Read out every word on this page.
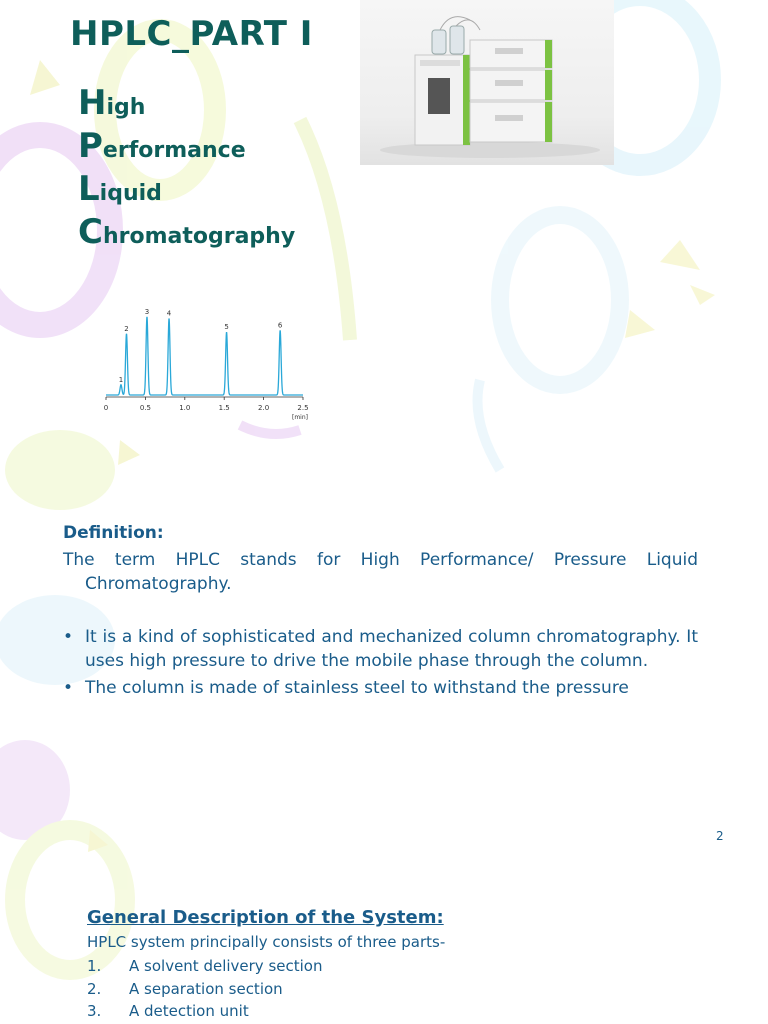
HPLC_PART I
High
Performance
Liquid
Chromatography
0	0.5	1.0	1.5	2.0	2.5
1
2
3	4
5	6
[min]
Definition:

The term HPLC stands for High Performance/ Pressure Liquid Chromatography.

• It is a kind of sophisticated and mechanized column chromatography. It uses high pressure to drive the mobile phase through the column.
• The column is made of stainless steel to withstand the pressure
2
General Description of the System:

HPLC system principally consists of three parts-

1. A solvent delivery section
2. A separation section
3. A detection unit
